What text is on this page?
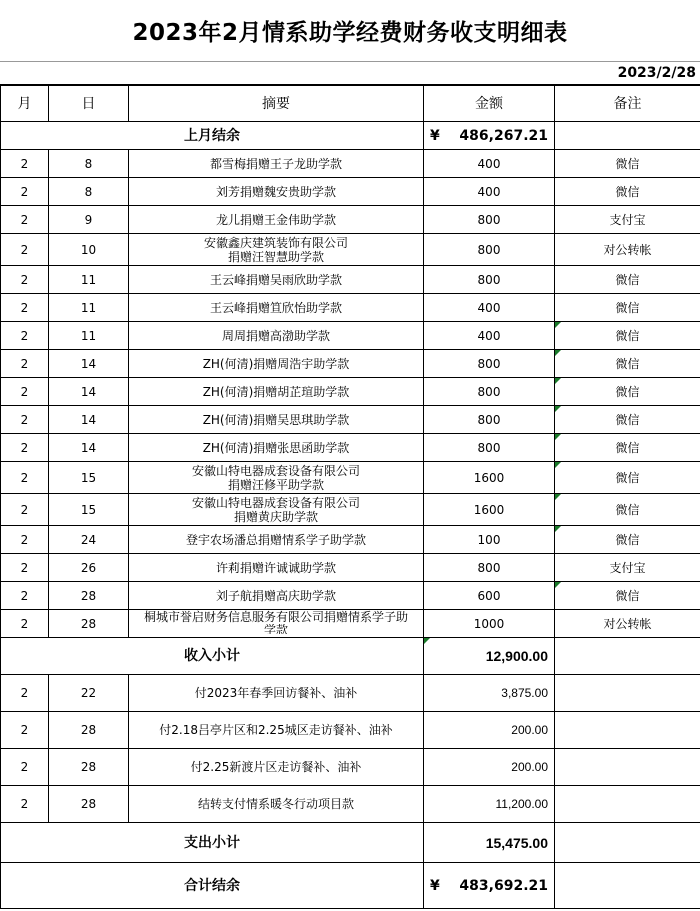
2023年2月情系助学经费财务收支明细表
2023/2/28
月	日	摘要	金额	备注
上月结余			¥ 486,267.21	

2	8	都雪梅捐赠王子龙助学款	400	微信
2	8	刘芳捐赠魏安贵助学款	400	微信
2	9	龙儿捐赠王金伟助学款	800	支付宝
2	10	安徽鑫庆建筑装饰有限公司
捐赠汪智慧助学款	800	对公转帐
2	11	王云峰捐赠吴雨欣助学款	800	微信
2	11	王云峰捐赠笪欣怡助学款	400	微信
2	11	周周捐赠高渤助学款	400	微信
2	14	ZH(何清)捐赠周浩宇助学款	800	微信
2	14	ZH(何清)捐赠胡芷瑄助学款	800	微信
2	14	ZH(何清)捐赠吴思琪助学款	800	微信
2	14	ZH(何清)捐赠张思函助学款	800	微信
2	15	安徽山特电器成套设备有限公司
捐赠汪修平助学款	1600	微信
2	15	安徽山特电器成套设备有限公司
捐赠黄庆助学款	1600	微信
2	24	登宇农场潘总捐赠情系学子助学款	100	微信
2	26	许莉捐赠许诚诚助学款	800	支付宝
2	28	刘子航捐赠高庆助学款	600	微信
2	28	桐城市誉启财务信息服务有限公司捐赠情系学子助
学款	1000	对公转帐
收入小计			12,900.00	
2	22	付2023年春季回访餐补、油补	3,875.00	
2	28	付2.18吕亭片区和2.25城区走访餐补、油补	200.00	
2	28	付2.25新渡片区走访餐补、油补	200.00	
2	28	结转支付情系暖冬行动项目款	11,200.00	
支出小计			15,475.00	
合计结余			¥ 483,692.21	
